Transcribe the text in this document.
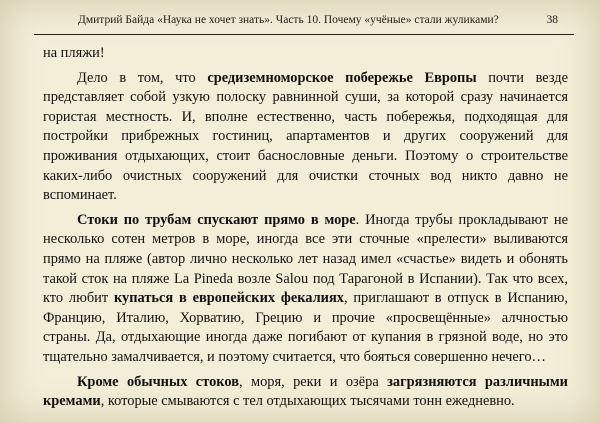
Дмитрий Байда «Наука не хочет знать». Часть 10. Почему «учёные» стали жуликами?	38

на пляжи!

Дело в том, что средиземноморское побережье Европы почти везде представляет собой узкую полоску равнинной суши, за которой сразу начинается гористая местность. И, вполне естественно, часть побережья, подходящая для постройки прибрежных гостиниц, апартаментов и других сооружений для проживания отдыхающих, стоит баснословные деньги. Поэтому о строительстве каких-либо очистных сооружений для очистки сточных вод никто давно не вспоминает.

Стоки по трубам спускают прямо в море. Иногда трубы прокладывают не несколько сотен метров в море, иногда все эти сточные «прелести» выливаются прямо на пляже (автор лично несколько лет назад имел «счастье» видеть и обонять такой сток на пляже La Pineda возле Salou под Тарагоной в Испании). Так что всех, кто любит купаться в европейских фекалиях, приглашают в отпуск в Испанию, Францию, Италию, Хорватию, Грецию и прочие «просвещённые» алчностью страны. Да, отдыхающие иногда даже погибают от купания в грязной воде, но это тщательно замалчивается, и поэтому считается, что бояться совершенно нечего…

Кроме обычных стоков, моря, реки и озёра загрязняются различными кремами, которые смываются с тел отдыхающих тысячами тонн ежедневно.
